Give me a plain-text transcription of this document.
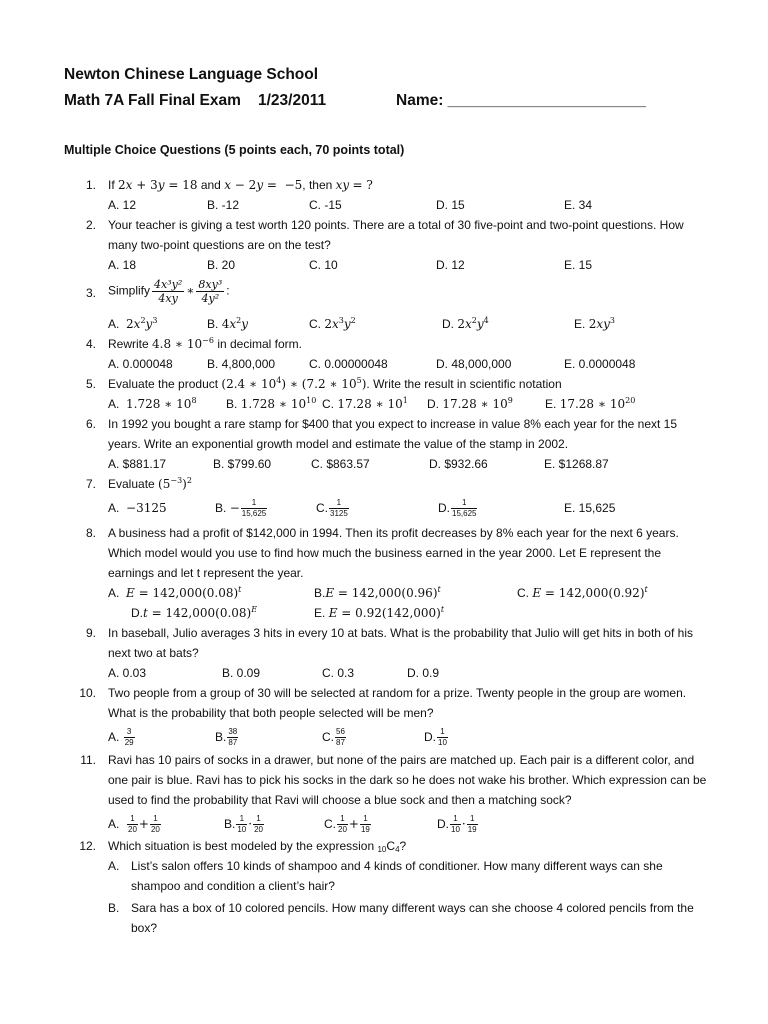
Newton Chinese Language School
Math 7A Fall Final Exam 1/23/2011	Name: _______________________
Multiple Choice Questions (5 points each, 70 points total)
1. If 2x + 3y = 18 and x − 2y =  −5, then xy = ?
A. 12	B. -12	C. -15	D. 15	E. 34
2. Your teacher is giving a test worth 120 points. There are a total of 30 five-point and two-point questions. How many two-point questions are on the test?
A. 18	B. 20	C. 10	D. 12	E. 15
3. Simplify $\frac{\text{4x³y²}}{4xy}$ ∗ $\frac{\text{8xy³}}{\text{4y²}}$ :
A. $2x^2y^3$	B. $4x^2y$	C. $2x^3y^2$	D. $2x^2y^4$	E. $2xy^3$
4. Rewrite 4.8 ∗ $10^{-6}$ in decimal form.
A. 0.000048	B. 4,800,000	C. 0.00000048	D. 48,000,000	E. 0.0000048
5. Evaluate the product (2.4 ∗ $10^4$) ∗ (7.2 ∗ $10^5$). Write the result in scientific notation
A. 1.728 ∗ $10^8$ B. 1.728 ∗ $10^{10}$ C. 17.28 ∗ $10^1$ D. 17.28 ∗ $10^9$	E. 17.28 ∗ $10^{20}$
6. In 1992 you bought a rare stamp for $400 that you expect to increase in value 8% each year for the next 15 years. Write an exponential growth model and estimate the value of the stamp in 2002.
A. $881.17	B. $799.60	C. $863.57	D. $932.66	E. $1268.87
7. Evaluate $(5^{-3})^2$
A. −3125	B. − $\frac{1}{15,625}$	C. $\frac{1}{3125}$	D. $\frac{1}{15,625}$	E. 15,625
8. A business had a profit of $142,000 in 1994. Then its profit decreases by 8% each year for the next 6 years. Which model would you use to find how much the business earned in the year 2000. Let E represent the earnings and let t represent the year.
A. $E = 142,000(0.08)^t$	$B.E = 142,000(0.96)^t$	C. $E = 142,000(0.92)^t$
$D.t = 142,000(0.08)^E$	E. $E = 0.92(142,000)^t$
9. In baseball, Julio averages 3 hits in every 10 at bats. What is the probability that Julio will get hits in both of his next two at bats?
A. 0.03	B. 0.09	C. 0.3	D. 0.9
10. Two people from a group of 30 will be selected at random for a prize. Twenty people in the group are women. What is the probability that both people selected will be men?
A. $\frac{3}{29}$	B. $\frac{38}{87}$	C. $\frac{56}{87}$	D. $\frac{1}{10}$
11. Ravi has 10 pairs of socks in a drawer, but none of the pairs are matched up. Each pair is a different color, and one pair is blue. Ravi has to pick his socks in the dark so he does not wake his brother. Which expression can be used to find the probability that Ravi will choose a blue sock and then a matching sock?
A. $\frac{1}{20} + \frac{1}{20}$	B. $\frac{1}{10} \cdot \frac{1}{20}$	C. $\frac{1}{20} + \frac{1}{19}$	D. $\frac{1}{10} \cdot \frac{1}{19}$
12. Which situation is best modeled by the expression $_{10}C_4$?
A. List’s salon offers 10 kinds of shampoo and 4 kinds of conditioner. How many different ways can she shampoo and condition a client’s hair?
B. Sara has a box of 10 colored pencils. How many different ways can she choose 4 colored pencils from the box?
